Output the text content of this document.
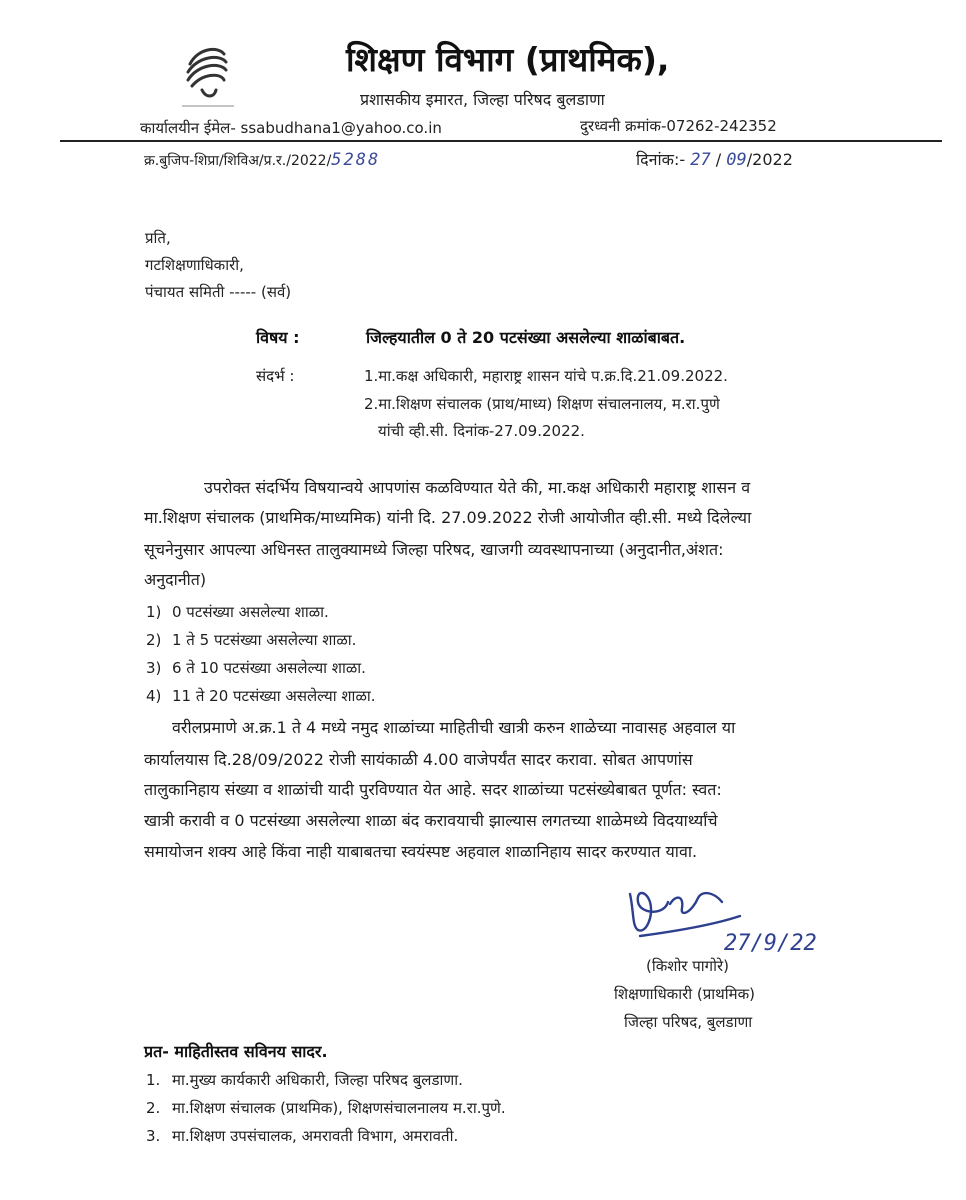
शिक्षण विभाग (प्राथमिक),
प्रशासकीय इमारत, जिल्हा परिषद बुलडाणा
कार्यालयीन ईमेल- ssabudhana1@yahoo.co.in	दुरध्वनी क्रमांक-07262-242352
क्र.बुजिप-शिप्रा/शिविअ/प्र.र./2022/5288	दिनांक:- 27 / 09/2022
प्रति,
गटशिक्षणाधिकारी,
पंचायत समिती ----- (सर्व)
विषय :	जिल्हयातील 0 ते 20 पटसंख्या असलेल्या शाळांबाबत.
संदर्भ :	1.मा.कक्ष अधिकारी, महाराष्ट्र शासन यांचे प.क्र.दि.21.09.2022.
2.मा.शिक्षण संचालक (प्राथ/माध्य) शिक्षण संचालनालय, म.रा.पुणे
यांची व्ही.सी. दिनांक-27.09.2022.
उपरोक्त संदर्भिय विषयान्वये आपणांस कळविण्यात येते की, मा.कक्ष अधिकारी महाराष्ट्र शासन व
मा.शिक्षण संचालक (प्राथमिक/माध्यमिक) यांनी दि. 27.09.2022 रोजी आयोजीत व्ही.सी. मध्ये दिलेल्या
सूचनेनुसार आपल्या अधिनस्त तालुक्यामध्ये जिल्हा परिषद, खाजगी व्यवस्थापनाच्या (अनुदानीत,अंशत:
अनुदानीत)
1) 0 पटसंख्या असलेल्या शाळा.
2) 1 ते 5 पटसंख्या असलेल्या शाळा.
3) 6 ते 10 पटसंख्या असलेल्या शाळा.
4) 11 ते 20 पटसंख्या असलेल्या शाळा.
वरीलप्रमाणे अ.क्र.1 ते 4 मध्ये नमुद शाळांच्या माहितीची खात्री करुन शाळेच्या नावासह अहवाल या
कार्यालयास दि.28/09/2022 रोजी सायंकाळी 4.00 वाजेपर्यंत सादर करावा. सोबत आपणांस
तालुकानिहाय संख्या व शाळांची यादी पुरविण्यात येत आहे. सदर शाळांच्या पटसंख्येबाबत पूर्णत: स्वत:
खात्री करावी व 0 पटसंख्या असलेल्या शाळा बंद करावयाची झाल्यास लगतच्या शाळेमध्ये विदयार्थ्यांचे
समायोजन शक्य आहे किंवा नाही याबाबतचा स्वयंस्पष्ट अहवाल शाळानिहाय सादर करण्यात यावा.
27/9/22
(किशोर पागोरे)
शिक्षणाधिकारी (प्राथमिक)
जिल्हा परिषद, बुलडाणा
प्रत- माहितीस्तव सविनय सादर.
1. मा.मुख्य कार्यकारी अधिकारी, जिल्हा परिषद बुलडाणा.
2. मा.शिक्षण संचालक (प्राथमिक), शिक्षणसंचालनालय म.रा.पुणे.
3. मा.शिक्षण उपसंचालक, अमरावती विभाग, अमरावती.
